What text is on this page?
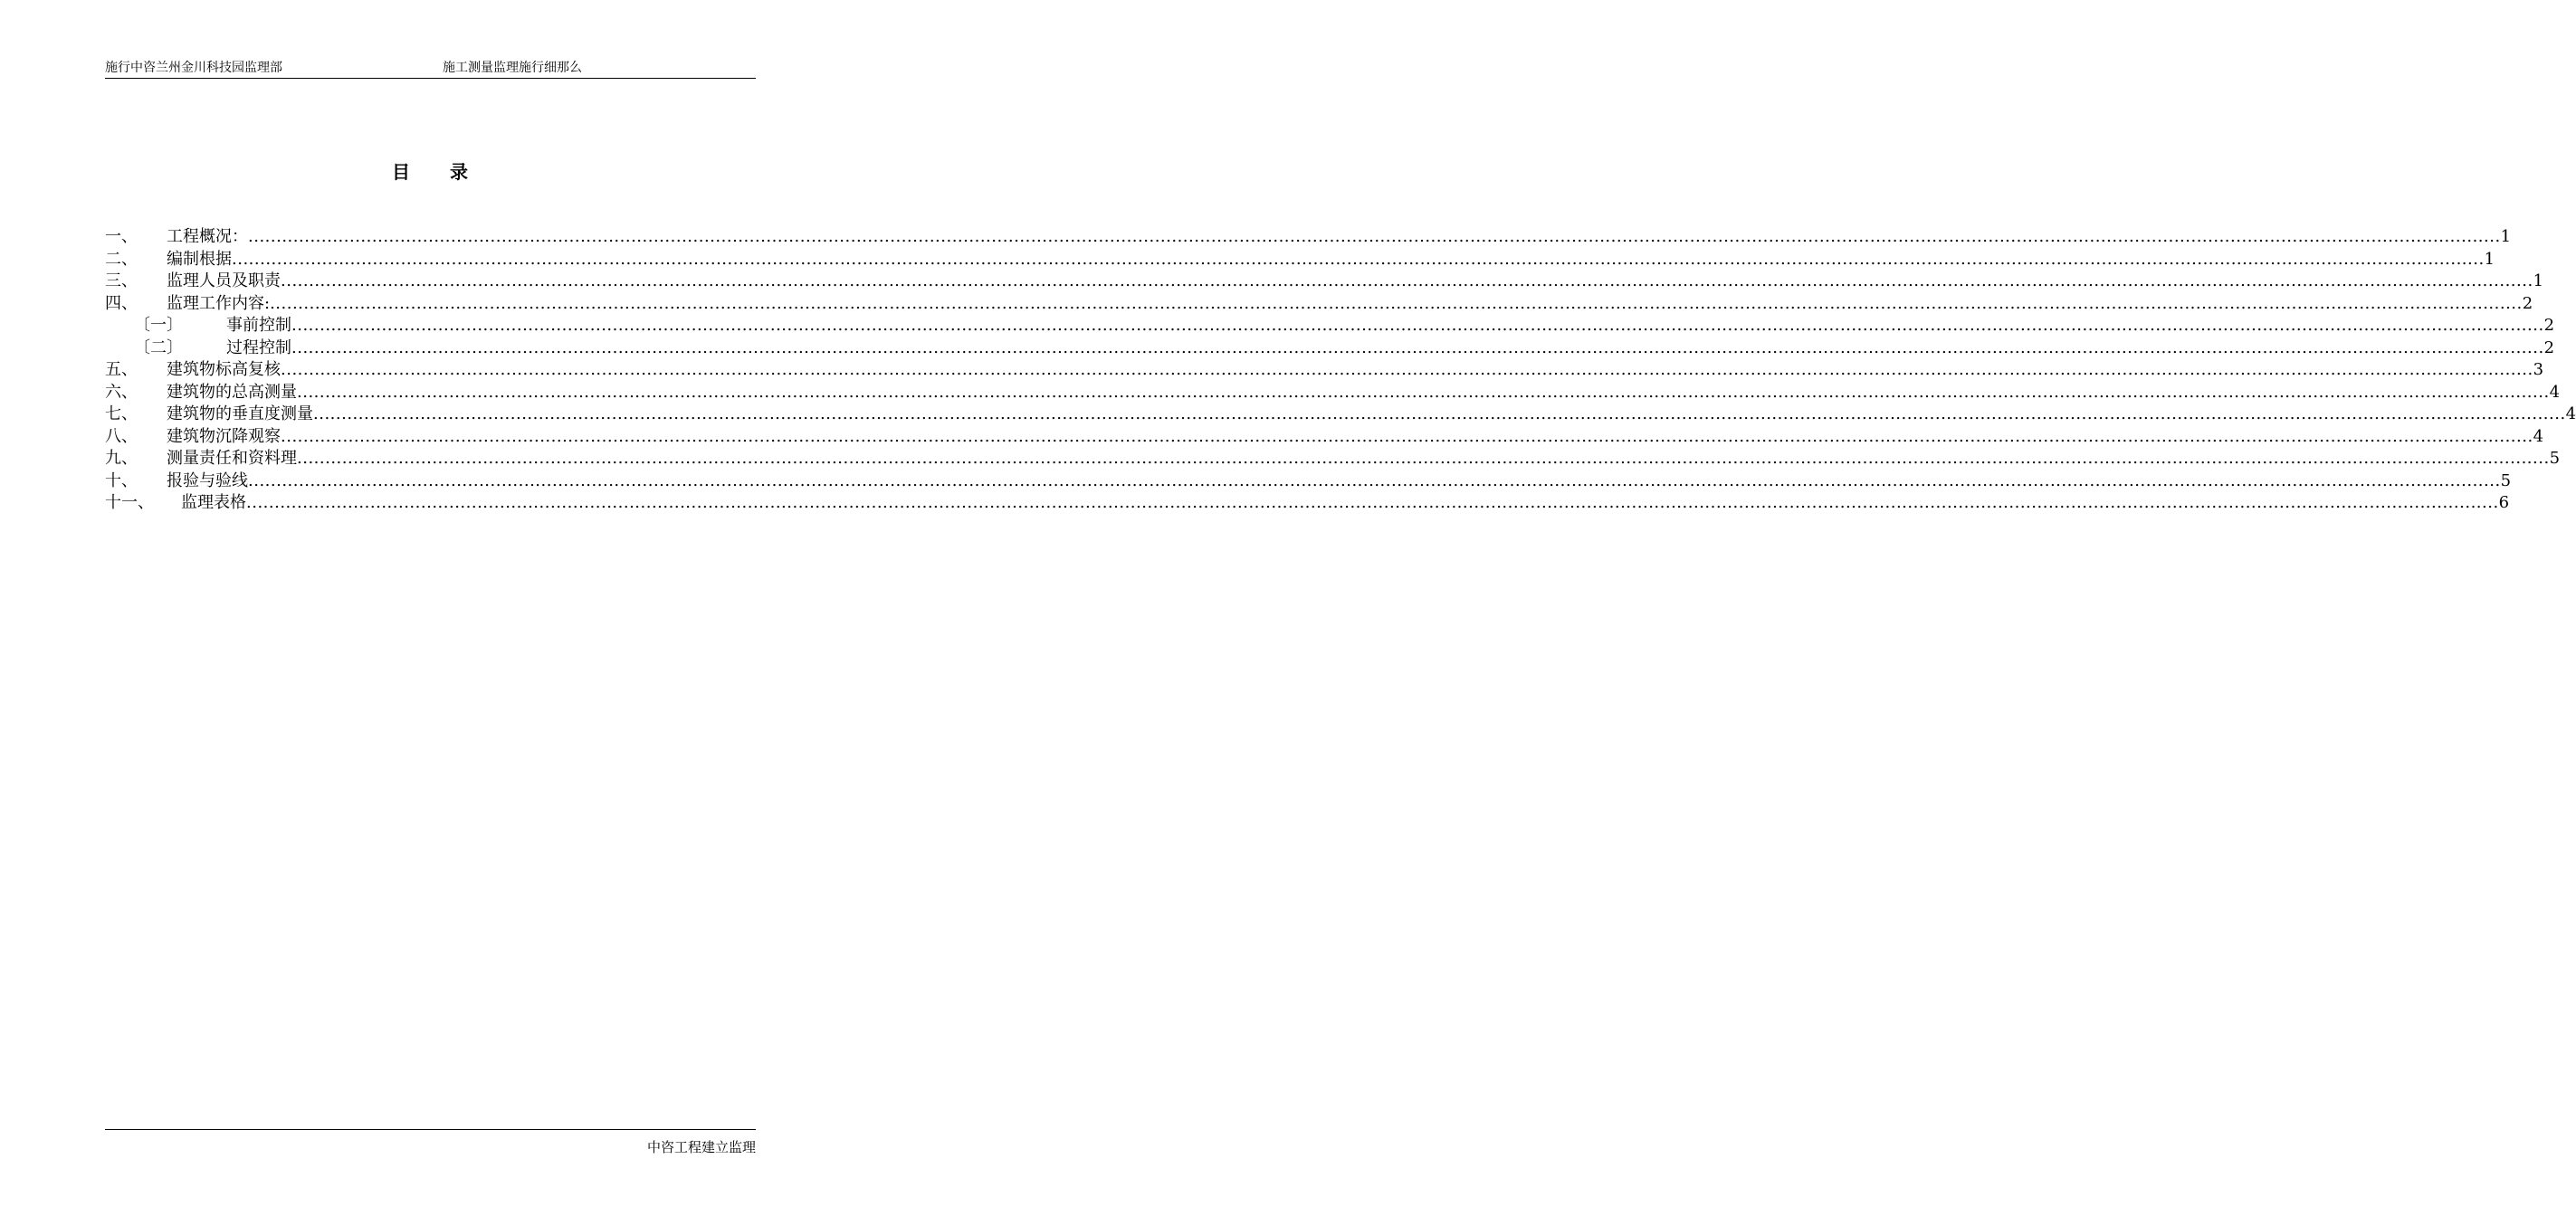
施行中咨兰州金川科技园监理部	施工测量监理施行细那么
目录
一、	工程概况： ................................................................................................................................................................................................................................................................................................................................................................................................................ 1
二、	编制根据 ................................................................................................................................................................................................................................................................................................................................................................................................................ 1
三、	监理人员及职责 ................................................................................................................................................................................................................................................................................................................................................................................................................ 1
四、	监理工作内容: ................................................................................................................................................................................................................................................................................................................................................................................................................ 2
〔一〕	事前控制 ................................................................................................................................................................................................................................................................................................................................................................................................................ 2
〔二〕	过程控制 ................................................................................................................................................................................................................................................................................................................................................................................................................ 2
五、	建筑物标高复核 ................................................................................................................................................................................................................................................................................................................................................................................................................ 3
六、	建筑物的总高测量 ................................................................................................................................................................................................................................................................................................................................................................................................................ 4
七、	建筑物的垂直度测量 ................................................................................................................................................................................................................................................................................................................................................................................................................ 4
八、	建筑物沉降观察 ................................................................................................................................................................................................................................................................................................................................................................................................................ 4
九、	测量责任和资料理 ................................................................................................................................................................................................................................................................................................................................................................................................................ 5
十、	报验与验线 ................................................................................................................................................................................................................................................................................................................................................................................................................ 5
十一、	监理表格 ................................................................................................................................................................................................................................................................................................................................................................................................................ 6
中咨工程建立监理
